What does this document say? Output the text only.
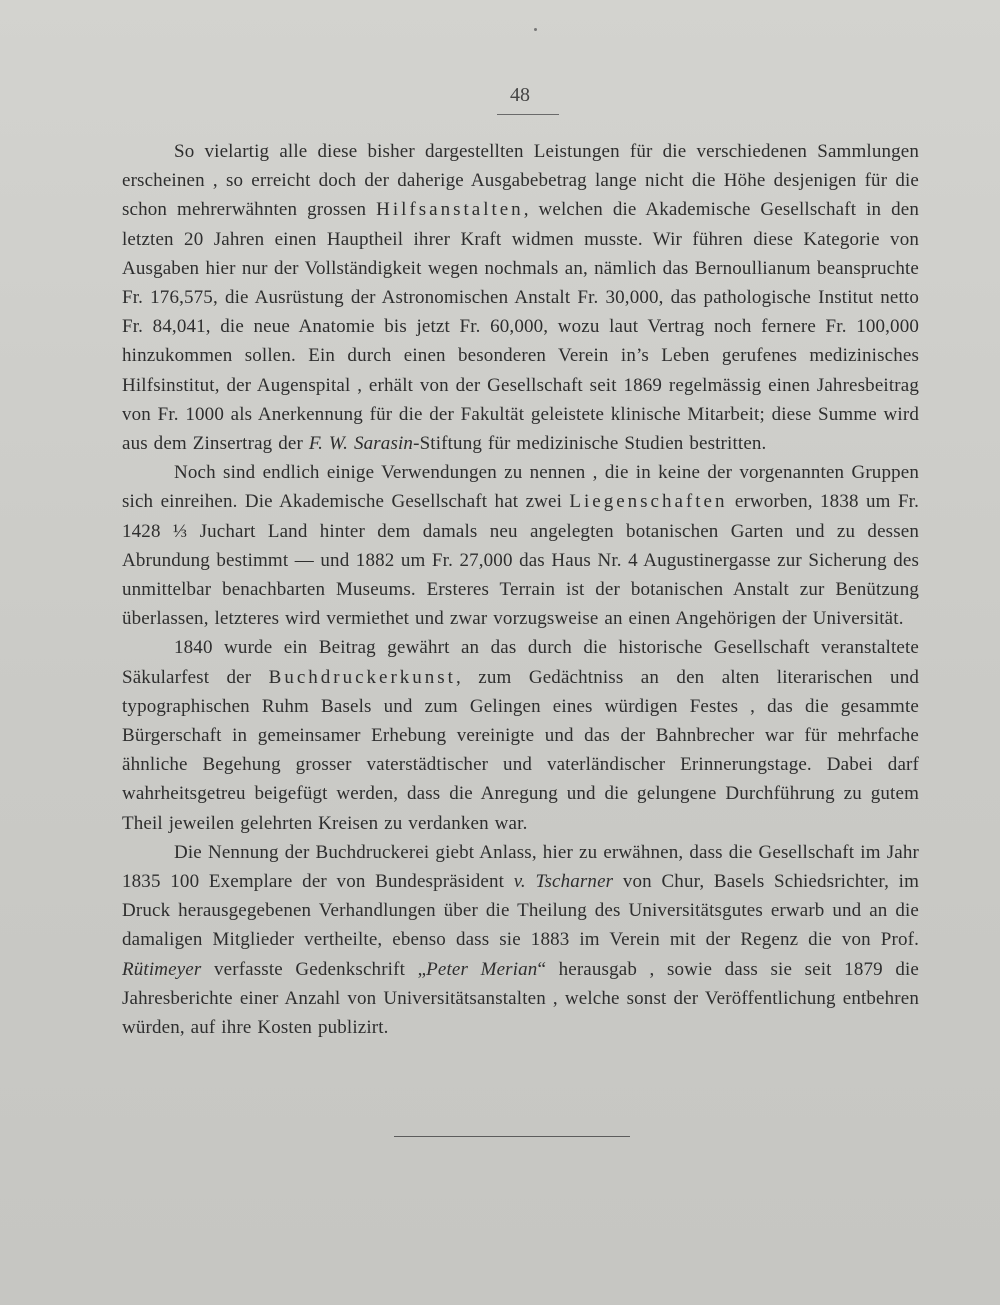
48

So vielartig alle diese bisher dargestellten Leistungen für die verschiedenen Sammlungen erscheinen , so erreicht doch der daherige Ausgabebetrag lange nicht die Höhe desjenigen für die schon mehrerwähnten grossen Hilfsanstalten, welchen die Akademische Gesellschaft in den letzten 20 Jahren einen Hauptheil ihrer Kraft widmen musste. Wir führen diese Kategorie von Ausgaben hier nur der Vollständigkeit wegen nochmals an, nämlich das Bernoullianum beanspruchte Fr. 176,575, die Ausrüstung der Astronomischen Anstalt Fr. 30,000, das pathologische Institut netto Fr. 84,041, die neue Anatomie bis jetzt Fr. 60,000, wozu laut Vertrag noch fernere Fr. 100,000 hinzukommen sollen. Ein durch einen besonderen Verein in’s Leben gerufenes medizinisches Hilfsinstitut, der Augenspital , erhält von der Gesellschaft seit 1869 regelmässig einen Jahresbeitrag von Fr. 1000 als Anerkennung für die der Fakultät geleistete klinische Mitarbeit; diese Summe wird aus dem Zinsertrag der F. W. Sarasin-Stiftung für medizinische Studien bestritten.

Noch sind endlich einige Verwendungen zu nennen , die in keine der vorgenannten Gruppen sich einreihen. Die Akademische Gesellschaft hat zwei Liegenschaften erworben, 1838 um Fr. 1428 ⅓ Juchart Land hinter dem damals neu angelegten botanischen Garten und zu dessen Abrundung bestimmt — und 1882 um Fr. 27,000 das Haus Nr. 4 Augustinergasse zur Sicherung des unmittelbar benachbarten Museums. Ersteres Terrain ist der botanischen Anstalt zur Benützung überlassen, letzteres wird vermiethet und zwar vorzugsweise an einen Angehörigen der Universität.

1840 wurde ein Beitrag gewährt an das durch die historische Gesellschaft veranstaltete Säkularfest der Buchdruckerkunst, zum Gedächtniss an den alten literarischen und typographischen Ruhm Basels und zum Gelingen eines würdigen Festes , das die gesammte Bürgerschaft in gemeinsamer Erhebung vereinigte und das der Bahnbrecher war für mehrfache ähnliche Begehung grosser vaterstädtischer und vaterländischer Erinnerungstage. Dabei darf wahrheitsgetreu beigefügt werden, dass die Anregung und die gelungene Durchführung zu gutem Theil jeweilen gelehrten Kreisen zu verdanken war.

Die Nennung der Buchdruckerei giebt Anlass, hier zu erwähnen, dass die Gesellschaft im Jahr 1835 100 Exemplare der von Bundespräsident v. Tscharner von Chur, Basels Schiedsrichter, im Druck herausgegebenen Verhandlungen über die Theilung des Universitätsgutes erwarb und an die damaligen Mitglieder vertheilte, ebenso dass sie 1883 im Verein mit der Regenz die von Prof. Rütimeyer verfasste Gedenkschrift „Peter Merian“ herausgab , sowie dass sie seit 1879 die Jahresberichte einer Anzahl von Universitätsanstalten , welche sonst der Veröffentlichung entbehren würden, auf ihre Kosten publizirt.
